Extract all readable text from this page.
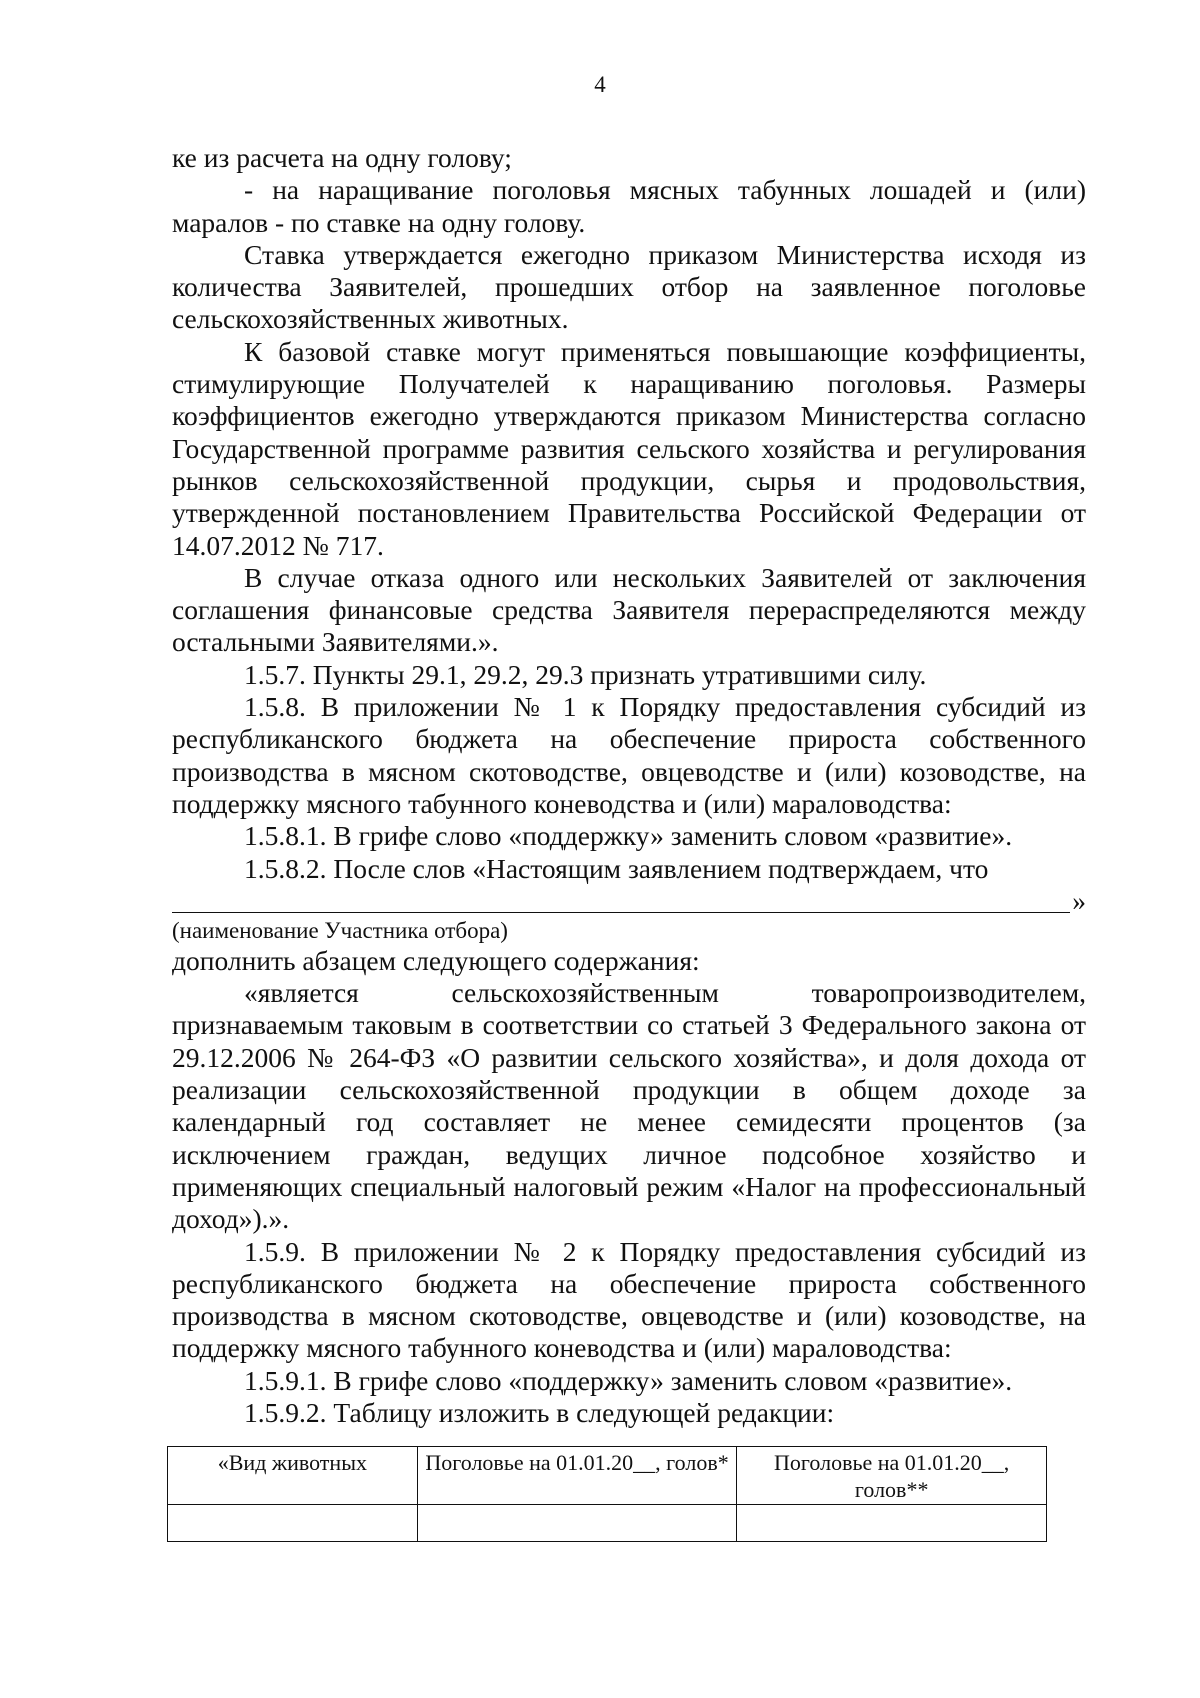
4

ке из расчета на одну голову;

- на наращивание поголовья мясных табунных лошадей и (или) маралов - по ставке на одну голову.

Ставка утверждается ежегодно приказом Министерства исходя из количества Заявителей, прошедших отбор на заявленное поголовье сельскохозяйственных животных.

К базовой ставке могут применяться повышающие коэффициенты, стимулирующие Получателей к наращиванию поголовья. Размеры коэффициентов ежегодно утверждаются приказом Министерства согласно Государственной программе развития сельского хозяйства и регулирования рынков сельскохозяйственной продукции, сырья и продовольствия, утвержденной постановлением Правительства Российской Федерации от 14.07.2012 № 717.

В случае отказа одного или нескольких Заявителей от заключения соглашения финансовые средства Заявителя перераспределяются между остальными Заявителями.».

1.5.7. Пункты 29.1, 29.2, 29.3 признать утратившими силу.

1.5.8. В приложении № 1 к Порядку предоставления субсидий из республиканского бюджета на обеспечение прироста собственного производства в мясном скотоводстве, овцеводстве и (или) козоводстве, на поддержку мясного табунного коневодства и (или) мараловодства:

1.5.8.1. В грифе слово «поддержку» заменить словом «развитие».

1.5.8.2. После слов «Настоящим заявлением подтверждаем, что

»

(наименование Участника отбора)

дополнить абзацем следующего содержания:

«является сельскохозяйственным товаропроизводителем, признаваемым таковым в соответствии со статьей 3 Федерального закона от 29.12.2006 № 264-ФЗ «О развитии сельского хозяйства», и доля дохода от реализации сельскохозяйственной продукции в общем доходе за календарный год составляет не менее семидесяти процентов (за исключением граждан, ведущих личное подсобное хозяйство и применяющих специальный налоговый режим «Налог на профессиональный доход»).».

1.5.9. В приложении № 2 к Порядку предоставления субсидий из республиканского бюджета на обеспечение прироста собственного производства в мясном скотоводстве, овцеводстве и (или) козоводстве, на поддержку мясного табунного коневодства и (или) мараловодства:

1.5.9.1. В грифе слово «поддержку» заменить словом «развитие».

1.5.9.2. Таблицу изложить в следующей редакции:

«Вид животных	Поголовье на 01.01.20__, голов*	Поголовье на 01.01.20__, голов**
